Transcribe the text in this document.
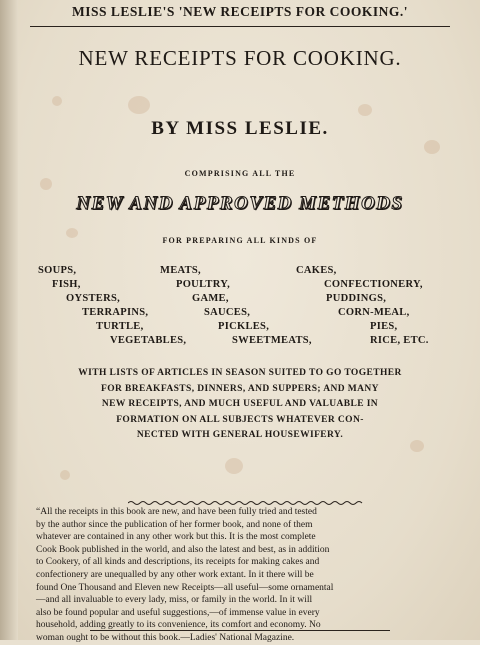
MISS LESLIE'S 'NEW RECEIPTS FOR COOKING.'
NEW RECEIPTS FOR COOKING.
BY MISS LESLIE.
COMPRISING ALL THE
NEW AND APPROVED METHODS
FOR PREPARING ALL KINDS OF
SOUPS,	MEATS,	CAKES,
FISH,	POULTRY,	CONFECTIONERY,
OYSTERS,	GAME,	PUDDINGS,
TERRAPINS,	SAUCES,	CORN-MEAL,
TURTLE,	PICKLES,	PIES,
VEGETABLES,	SWEETMEATS,	RICE, ETC.
WITH LISTS OF ARTICLES IN SEASON SUITED TO GO TOGETHER
FOR BREAKFASTS, DINNERS, AND SUPPERS; AND MANY
NEW RECEIPTS, AND MUCH USEFUL AND VALUABLE IN
FORMATION ON ALL SUBJECTS WHATEVER CON-
NECTED WITH GENERAL HOUSEWIFERY.
“All the receipts in this book are new, and have been fully tried and tested
by the author since the publication of her former book, and none of them
whatever are contained in any other work but this. It is the most complete
Cook Book published in the world, and also the latest and best, as in addition
to Cookery, of all kinds and descriptions, its receipts for making cakes and
confectionery are unequalled by any other work extant. In it there will be
found One Thousand and Eleven new Receipts—all useful—some ornamental
—and all invaluable to every lady, miss, or family in the world. In it will
also be found popular and useful suggestions,—of immense value in every
household, adding greatly to its convenience, its comfort and economy. No
woman ought to be without this book.—Ladies' National Magazine.
